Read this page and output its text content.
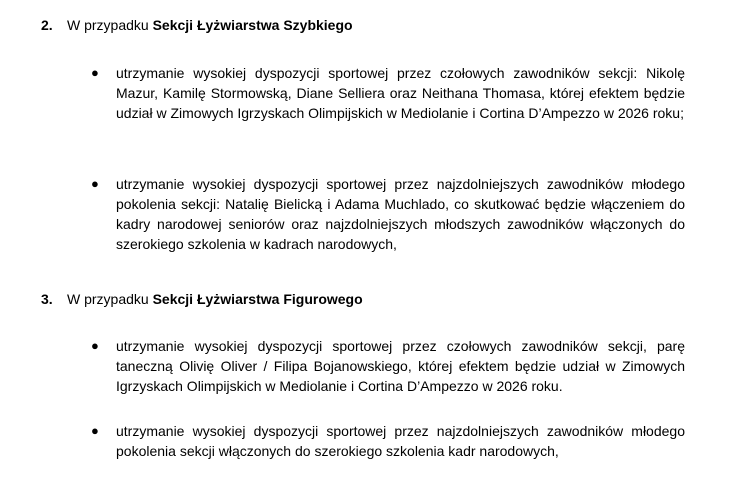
2. W przypadku Sekcji Łyżwiarstwa Szybkiego
● utrzymanie wysokiej dyspozycji sportowej przez czołowych zawodników sekcji: Nikolę Mazur, Kamilę Stormowską, Diane Selliera oraz Neithana Thomasa, której efektem będzie udział w Zimowych Igrzyskach Olimpijskich w Mediolanie i Cortina D’Ampezzo w 2026 roku;
● utrzymanie wysokiej dyspozycji sportowej przez najzdolniejszych zawodników młodego pokolenia sekcji: Natalię Bielicką i Adama Muchlado, co skutkować będzie włączeniem do kadry narodowej seniorów oraz najzdolniejszych młodszych zawodników włączonych do szerokiego szkolenia w kadrach narodowych,
3. W przypadku Sekcji Łyżwiarstwa Figurowego
● utrzymanie wysokiej dyspozycji sportowej przez czołowych zawodników sekcji, parę taneczną Olivię Oliver / Filipa Bojanowskiego, której efektem będzie udział w Zimowych Igrzyskach Olimpijskich w Mediolanie i Cortina D’Ampezzo w 2026 roku.
● utrzymanie wysokiej dyspozycji sportowej przez najzdolniejszych zawodników młodego pokolenia sekcji włączonych do szerokiego szkolenia kadr narodowych,
